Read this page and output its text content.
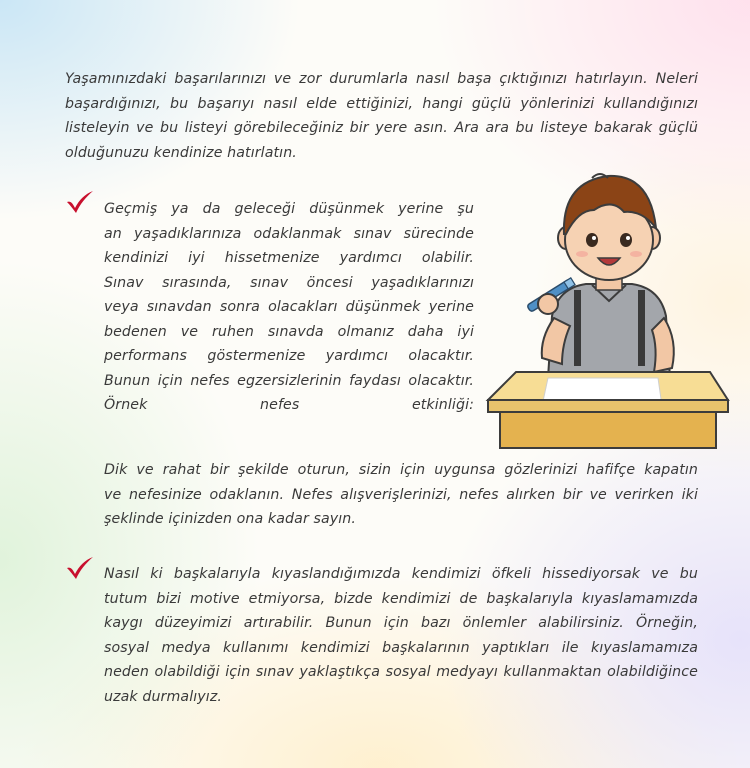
Yaşamınızdaki başarılarınızı ve zor durumlarla nasıl başa çıktığınızı hatırlayın. Neleri
başardığınızı, bu başarıyı nasıl elde ettiğinizi, hangi güçlü yönlerinizi kullandığınızı
listeleyin ve bu listeyi görebileceğiniz bir yere asın. Ara ara bu listeye bakarak güçlü
olduğunuzu kendinize hatırlatın.

Geçmiş ya da geleceği düşünmek yerine şu
an yaşadıklarınıza odaklanmak sınav sürecinde
kendinizi iyi hissetmenize yardımcı olabilir.
Sınav sırasında, sınav öncesi yaşadıklarınızı
veya sınavdan sonra olacakları düşünmek yerine
bedenen ve ruhen sınavda olmanız daha iyi
performans göstermenize yardımcı olacaktır.
Bunun için nefes egzersizlerinin faydası olacaktır.
Örnek nefes etkinliği:

Dik ve rahat bir şekilde oturun, sizin için uygunsa gözlerinizi hafifçe kapatın
ve nefesinize odaklanın. Nefes alışverişlerinizi, nefes alırken bir ve verirken iki
şeklinde içinizden ona kadar sayın.

Nasıl ki başkalarıyla kıyaslandığımızda kendimizi öfkeli hissediyorsak ve bu
tutum bizi motive etmiyorsa, bizde kendimizi de başkalarıyla kıyaslamamızda
kaygı düzeyimizi artırabilir. Bunun için bazı önlemler alabilirsiniz. Örneğin,
sosyal medya kullanımı kendimizi başkalarının yaptıkları ile kıyaslamamıza
neden olabildiği için sınav yaklaştıkça sosyal medyayı kullanmaktan olabildiğince
uzak durmalıyız.
